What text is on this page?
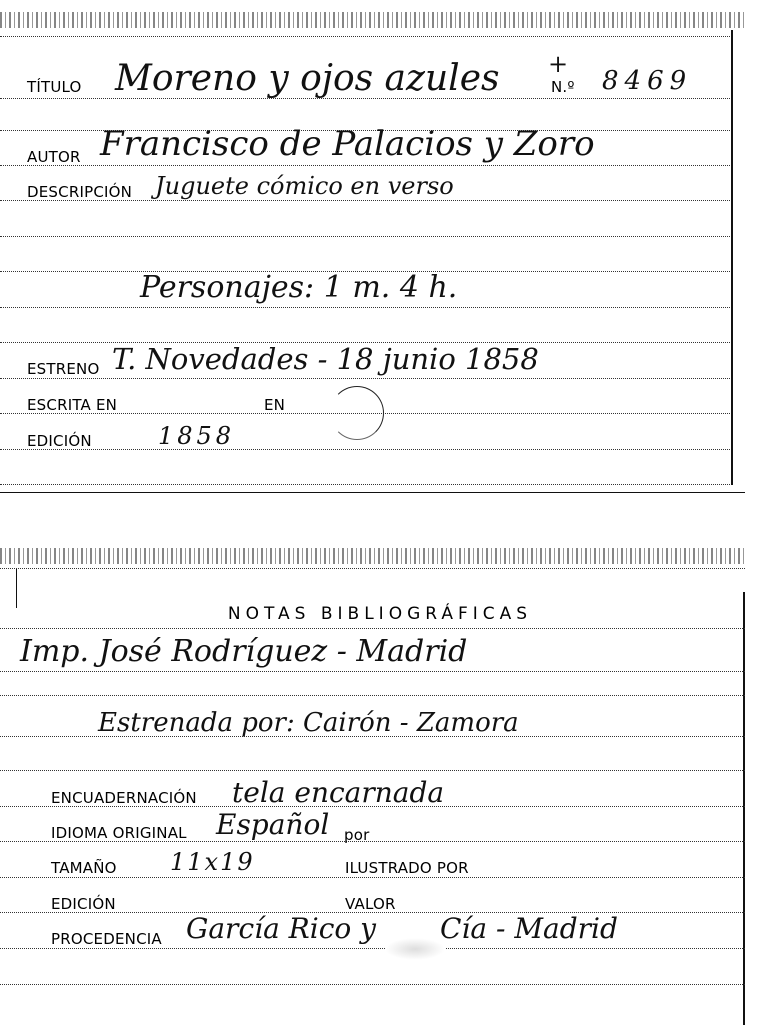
TÍTULO Moreno y ojos azules +
N.º 8469
AUTOR Francisco de Palacios y Zoro
DESCRIPCIÓN Juguete cómico en verso
Personajes: 1 m. 4 h.
ESTRENO T. Novedades - 18 junio 1858
ESCRITA EN	EN
EDICIÓN	1858
NOTAS BIBLIOGRÁFICAS
Imp. José Rodríguez - Madrid
Estrenada por: Cairón - Zamora
ENCUADERNACIÓN tela encarnada
IDIOMA ORIGINAL Español por
TAMAÑO 11x19	ILUSTRADO POR
EDICIÓN	VALOR
PROCEDENCIA García Rico y Cía - Madrid
